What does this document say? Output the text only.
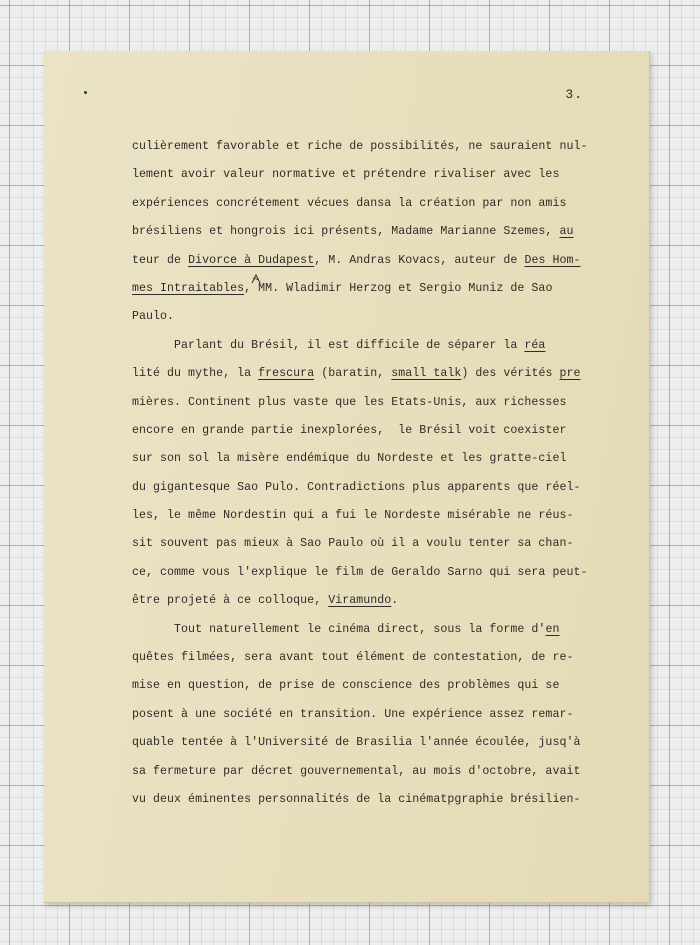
3.
culièrement favorable et riche de possibilités, ne sauraient nul-
lement avoir valeur normative et prétendre rivaliser avec les
expériences concrétement vécues dansa la création par non amis
brésiliens et hongrois ici présents, Madame Marianne Szemes, au
teur de Divorce à Dudapest, M. Andras Kovacs, auteur de Des Hom-
mes Intraitables, MM. Wladimir Herzog et Sergio Muniz de Sao
Paulo.
Parlant du Brésil, il est difficile de séparer la réa
lité du mythe, la frescura (baratin, small talk) des vérités pre
mières. Continent plus vaste que les Etats-Unis, aux richesses
encore en grande partie inexplorées,  le Brésil voit coexister
sur son sol la misère endémique du Nordeste et les gratte-ciel
du gigantesque Sao Pulo. Contradictions plus apparents que réel-
les, le même Nordestin qui a fui le Nordeste misérable ne réus-
sit souvent pas mieux à Sao Paulo où il a voulu tenter sa chan-
ce, comme vous l'explique le film de Geraldo Sarno qui sera peut-
être projeté à ce colloque, Viramundo.
Tout naturellement le cinéma direct, sous la forme d'en
quêtes filmées, sera avant tout élément de contestation, de re-
mise en question, de prise de conscience des problèmes qui se
posent à une société en transition. Une expérience assez remar-
quable tentée à l'Université de Brasilia l'année écoulée, jusq'à
sa fermeture par décret gouvernemental, au mois d'octobre, avait
vu deux éminentes personnalités de la cinématpgraphie brésilien-
